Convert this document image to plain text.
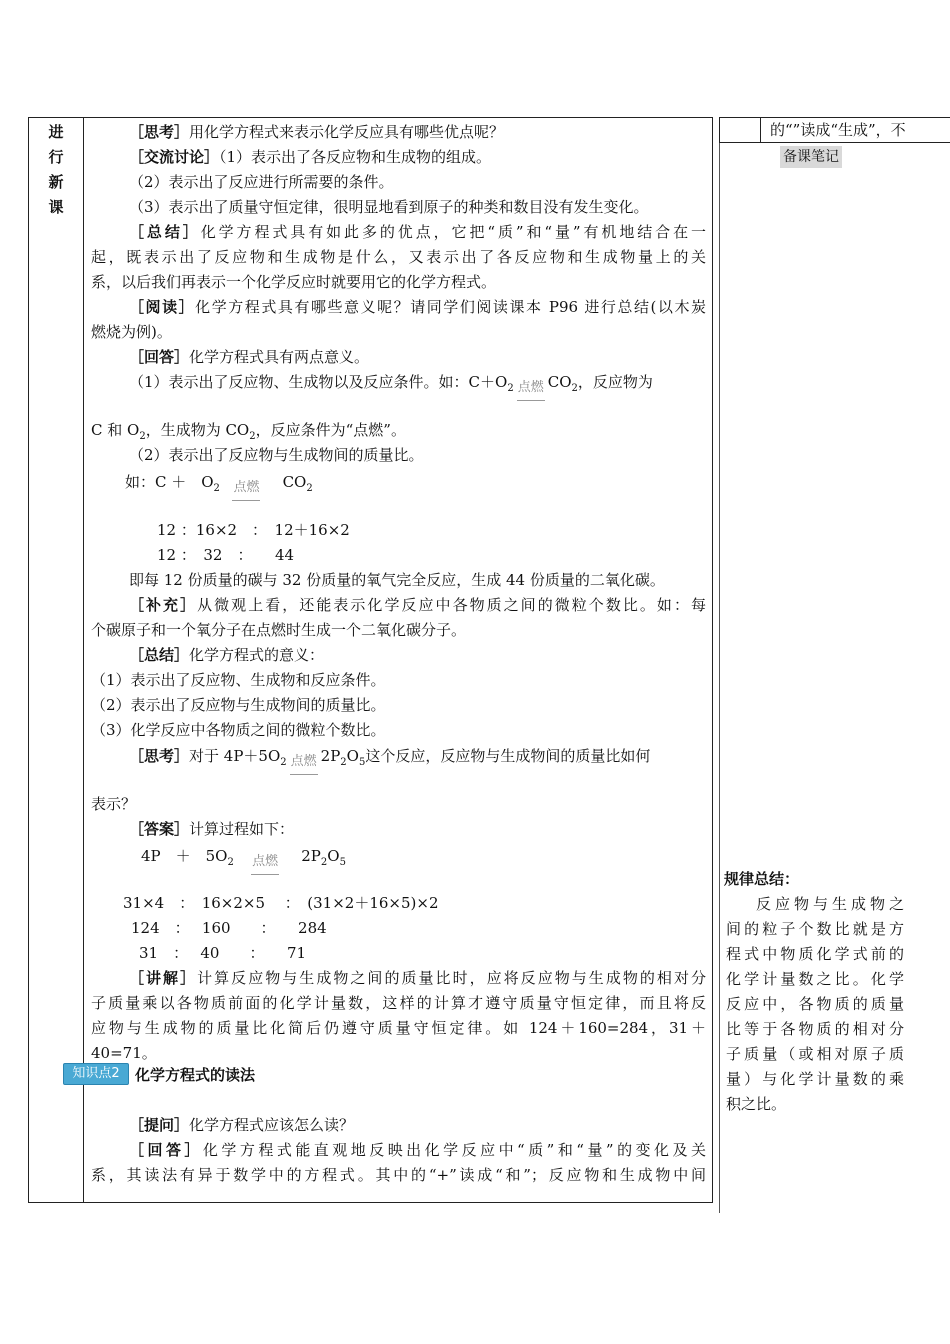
进
行
新
课
［思考］用化学方程式来表示化学反应具有哪些优点呢？
［交流讨论］（1）表示出了各反应物和生成物的组成。
（2）表示出了反应进行所需要的条件。
（3）表示出了质量守恒定律，很明显地看到原子的种类和数目没有发生变化。
［总结］化学方程式具有如此多的优点，它把“质”和“量”有机地结合在一
起，既表示出了反应物和生成物是什么，又表示出了各反应物和生成物量上的关
系，以后我们再表示一个化学反应时就要用它的化学方程式。
［阅读］化学方程式具有哪些意义呢？请同学们阅读课本 P96 进行总结(以木炭
燃烧为例)。
［回答］化学方程式具有两点意义。
（1）表示出了反应物、生成物以及反应条件。如：$C+O_2$ 点燃 $CO_2$，反应物为
C 和 $O_2$，生成物为 $CO_2$，反应条件为“点燃”。
（2）表示出了反应物与生成物间的质量比。
如：C ＋　$O_2$ 点燃 $CO_2$
12 ：16×2　：　12＋16×2
12 ：　32　：　　44
即每 12 份质量的碳与 32 份质量的氧气完全反应，生成 44 份质量的二氧化碳。
［补充］从微观上看，还能表示化学反应中各物质之间的微粒个数比。如：每
个碳原子和一个氧分子在点燃时生成一个二氧化碳分子。
［总结］化学方程式的意义：
（1）表示出了反应物、生成物和反应条件。
（2）表示出了反应物与生成物间的质量比。
（3）化学反应中各物质之间的微粒个数比。
［思考］对于 $4P+5O_2$ 点燃 $2P_2O_5$这个反应，反应物与生成物间的质量比如何
表示？
［答案］计算过程如下：
4P　＋　$5O_2$ 点燃 $2P_2O_5$
31×4　：　16×2×5　 ：　(31×2＋16×5)×2
124　：　 160　　：　　284
31　：　 40　　：　　71
［讲解］计算反应物与生成物之间的质量比时，应将反应物与生成物的相对分
子质量乘以各物质前面的化学计量数，这样的计算才遵守质量守恒定律，而且将反
应物与生成物的质量比化简后仍遵守质量守恒定律。如 124＋160=284，31＋
40=71。
知识点2	化学方程式的读法
［提问］化学方程式应该怎么读？
［回答］化学方程式能直观地反映出化学反应中“质”和“量”的变化及关
系，其读法有异于数学中的方程式。其中的“+”读成“和”；反应物和生成物中间
的“”读成“生成”，不
备课笔记
规律总结：
反应物与生成物之
间的粒子个数比就是方
程式中物质化学式前的
化学计量数之比。化学
反应中，各物质的质量
比等于各物质的相对分
子质量（或相对原子质
量）与化学计量数的乘
积之比。
